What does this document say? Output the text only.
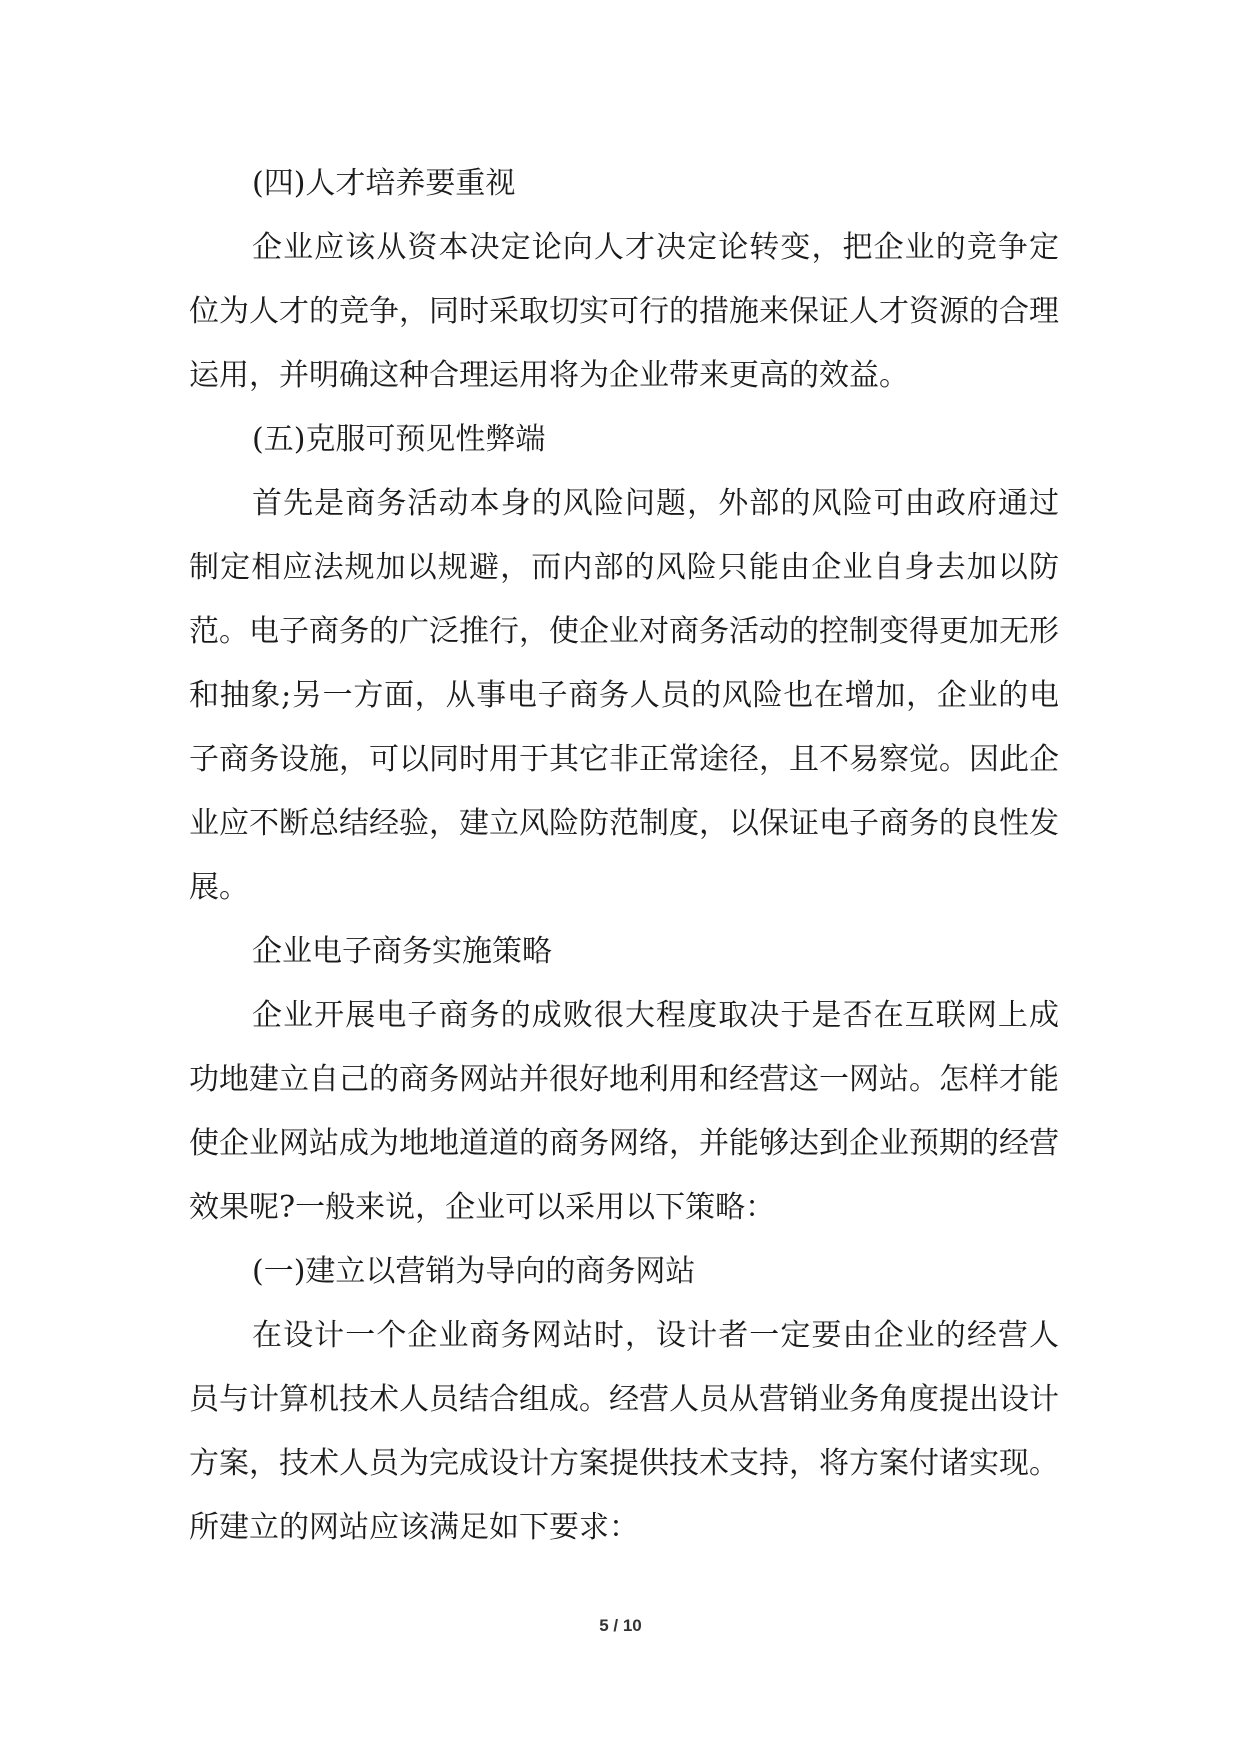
(四)人才培养要重视

企业应该从资本决定论向人才决定论转变，把企业的竞争定位为人才的竞争，同时采取切实可行的措施来保证人才资源的合理运用，并明确这种合理运用将为企业带来更高的效益。

(五)克服可预见性弊端

首先是商务活动本身的风险问题，外部的风险可由政府通过制定相应法规加以规避，而内部的风险只能由企业自身去加以防范。电子商务的广泛推行，使企业对商务活动的控制变得更加无形和抽象;另一方面，从事电子商务人员的风险也在增加，企业的电子商务设施，可以同时用于其它非正常途径，且不易察觉。因此企业应不断总结经验，建立风险防范制度，以保证电子商务的良性发展。

企业电子商务实施策略

企业开展电子商务的成败很大程度取决于是否在互联网上成功地建立自己的商务网站并很好地利用和经营这一网站。怎样才能使企业网站成为地地道道的商务网络，并能够达到企业预期的经营效果呢?一般来说，企业可以采用以下策略：

(一)建立以营销为导向的商务网站

在设计一个企业商务网站时，设计者一定要由企业的经营人员与计算机技术人员结合组成。经营人员从营销业务角度提出设计方案，技术人员为完成设计方案提供技术支持，将方案付诸实现。所建立的网站应该满足如下要求：

5 / 10
